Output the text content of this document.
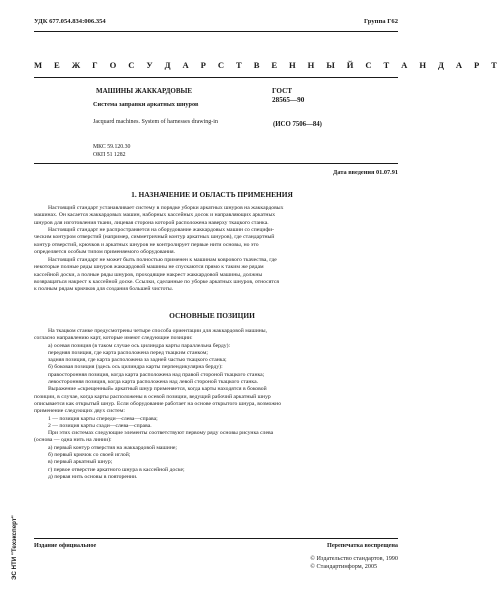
УДК 677.054.834:006.354	Группа Г62
М Е Ж Г О С У Д А Р С Т В Е Н Н Ы Й С Т А Н Д А Р Т
МАШИНЫ ЖАККАРДОВЫЕ
Система заправки аркатных шнуров
Jacquard machines. System of harnesses drawing-in
ГОСТ
28565—90
(ИСО 7506—84)
МКС 59.120.30
ОКП 51 1282
Дата введения 01.07.91
1. НАЗНАЧЕНИЕ И ОБЛАСТЬ ПРИМЕНЕНИЯ
Настоящий стандарт устанавливает систему в порядке уборки аркатных шнуров на жаккардовых
машинах. Он касается жаккардовых машин, наборных кассейных досок и направляющих аркатных
шнуров для изготовления ткани, лицевая сторона которой расположена наверху ткацкого станка.
Настоящий стандарт не распространяется на оборудование жаккардовых машин со специфи-
ческим контуром отверстий (например, симметричный контур аркатных шнуров), где стандартный
контур отверстий, крючков и аркатных шнуров не контролирует первые нити основы, но это
определяется особым типом применяемого оборудования.
Настоящий стандарт не может быть полностью применен к машинам коврового ткачества, где
некоторые полные ряды шнуров жаккардовой машины не спускаются прямо к таким же рядам
кассейной доски, а полные ряды шнуров, проходящие накрест жаккардовой машины, должны
возвращаться накрест к кассейной доске. Ссылки, сделанные по уборке аркатных шнуров, относятся
к полным рядам крючков для создания большей чистоты.
ОСНОВНЫЕ ПОЗИЦИИ
На ткацком станке предусмотрены четыре способа ориентации для жаккардовой машины,
согласно направлению карт, которые имеют следующие позиции:
а) осевая позиция (в таком случае ось цилиндра карты параллельна берду):
передняя позиция, где карта расположена перед ткацким станком;
задняя позиция, где карта расположена за задней частью ткацкого станка;
б) боковая позиция (здесь ось цилиндра карты перпендикулярна берду):
правосторонняя позиция, когда карта расположена над правой стороной ткацкого станка;
левосторонняя позиция, когда карта расположена над левой стороной ткацкого станка.
Выражение «скрещенный» аркатный шнур применяется, когда карты находятся в боковой
позиции, в случае, когда карты расположены в осевой позиции, ведущий рабочий аркатный шнур
описывается как открытый шнур. Если оборудование работает на основе открытого шнура, возможно
применение следующих двух систем:
1 — позиция карты спереди—слева—справа;
2 — позиция карты сзади—слева—справа.
При этих системах следующие элементы соответствуют первому ряду основы рисунка слева
(основа — одна нить на линии):
а) первый контур отверстия на жаккардовой машине;
б) первый крючок со своей иглой;
в) первый аркатный шнур;
г) первое отверстие аркатного шнура в кассейной доске;
д) первая нить основы в повторении.
ЭС НТИ "Техэксперт"	Издание официальное	Перепечатка воспрещена
© Издательство стандартов, 1990
© Стандартинформ, 2005
